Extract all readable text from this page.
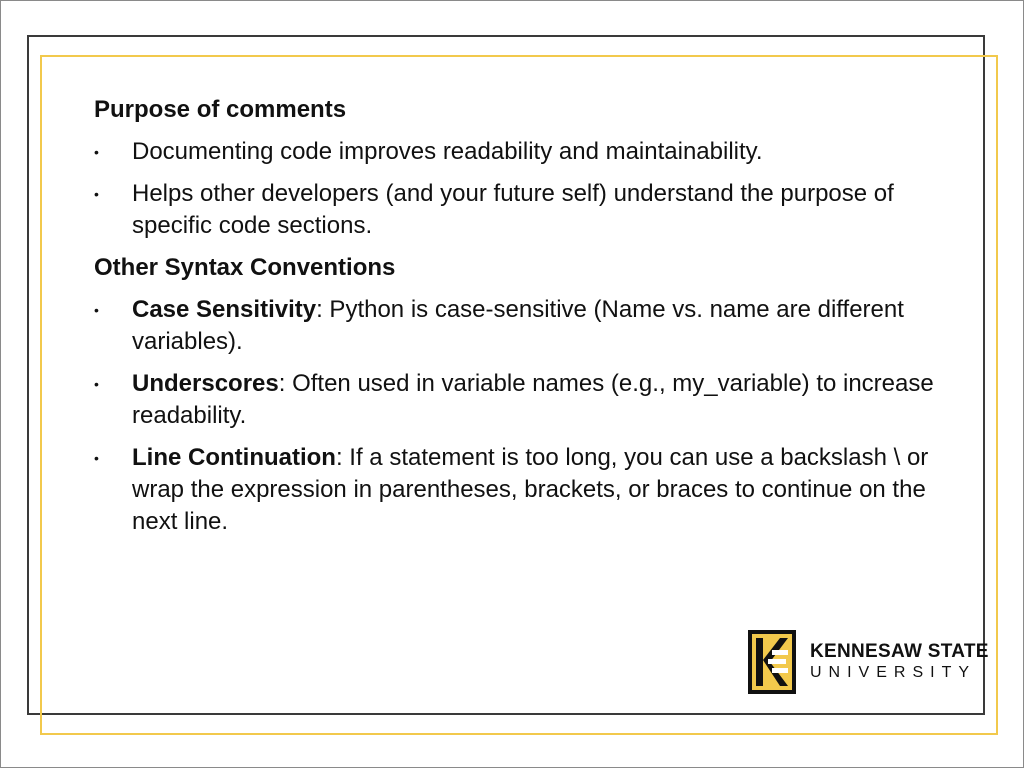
Purpose of comments
•	Documenting code improves readability and maintainability.
•	Helps other developers (and your future self) understand the purpose of specific code sections.
Other Syntax Conventions
•	Case Sensitivity: Python is case-sensitive (Name vs. name are different variables).
•	Underscores: Often used in variable names (e.g., my_variable) to increase readability.
•	Line Continuation: If a statement is too long, you can use a backslash \ or wrap the expression in parentheses, brackets, or braces to continue on the next line.
KENNESAW STATE
UNIVERSITY
